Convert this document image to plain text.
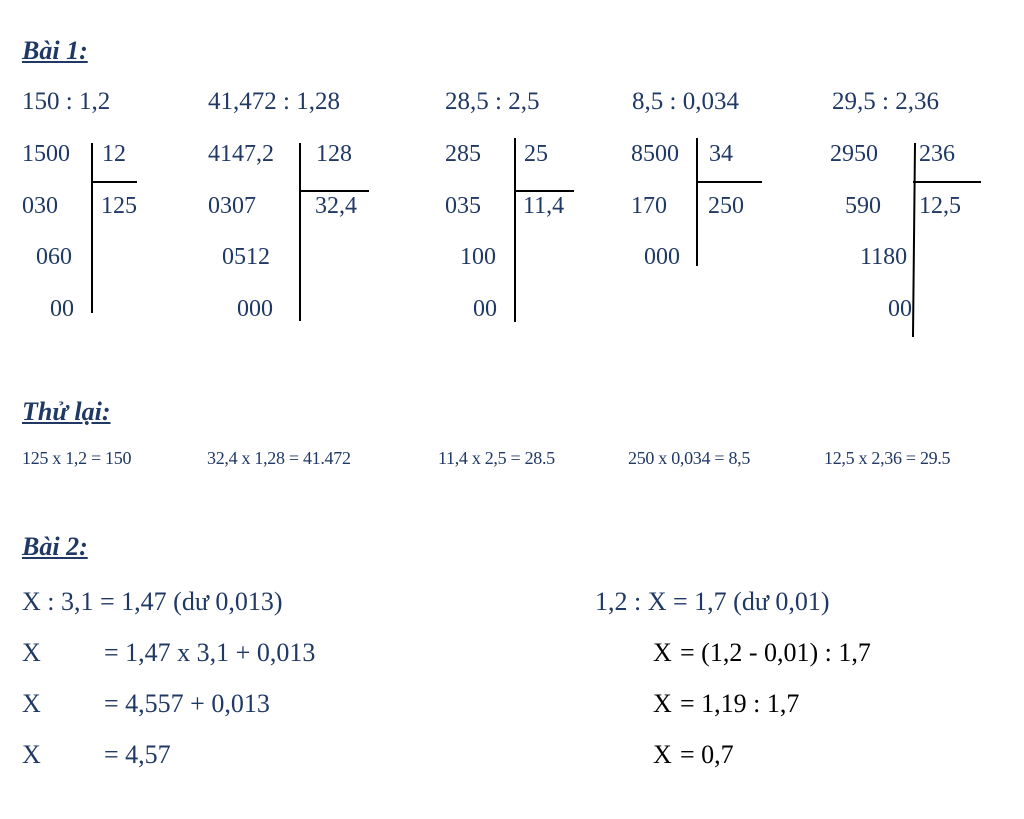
Bài 1:
Thử lại:
Bài 2:
150 : 1,2	41,472 : 1,28	28,5 : 2,5	8,5 : 0,034	29,5 : 2,36
1500 12
125
030
060
00
4147,2 128
32,4
0307
0512
000
285 25
11,4
035
100
00
8500 34
250
170
000
2950 236
12,5
590
1180
00
125 x 1,2 = 150	32,4 x 1,28 = 41.472	11,4 x 2,5 = 28.5	250 x 0,034 = 8,5	12,5 x 2,36 = 29.5
X : 3,1 = 1,47 (dư 0,013)
X = 1,47 x 3,1 + 0,013
X = 4,557 + 0,013
X = 4,57
1,2 : X = 1,7 (dư 0,01)
X = (1,2 - 0,01) : 1,7
X = 1,19 : 1,7
X = 0,7
